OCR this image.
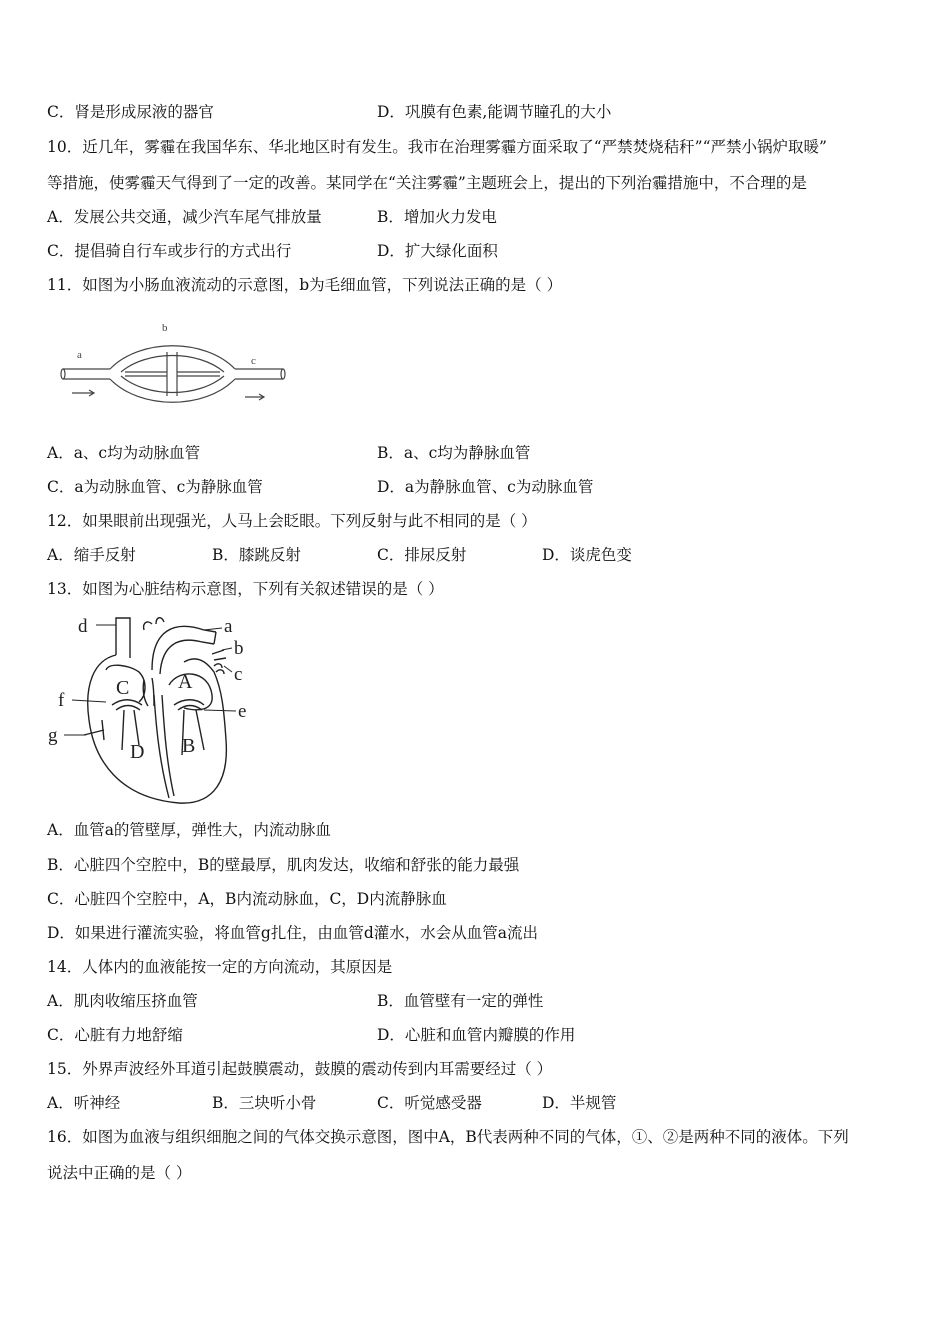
C．肾是形成尿液的器官	D．巩膜有色素,能调节瞳孔的大小
10．近几年，雾霾在我国华东、华北地区时有发生。我市在治理雾霾方面采取了“严禁焚烧秸秆”“严禁小锅炉取暖”
等措施，使雾霾天气得到了一定的改善。某同学在“关注雾霾”主题班会上，提出的下列治霾措施中，不合理的是
A．发展公共交通，减少汽车尾气排放量	B．增加火力发电
C．提倡骑自行车或步行的方式出行	D．扩大绿化面积
11．如图为小肠血液流动的示意图，b为毛细血管，下列说法正确的是（ ）
a
b
c
A．a、c均为动脉血管	B．a、c均为静脉血管
C．a为动脉血管、c为静脉血管	D．a为静脉血管、c为动脉血管
12．如果眼前出现强光，人马上会眨眼。下列反射与此不相同的是（ ）
A．缩手反射	B．膝跳反射	C．排尿反射	D．谈虎色变
13．如图为心脏结构示意图，下列有关叙述错误的是（ ）
d	a
b
c
e
f
g
C A
D B
A．血管a的管壁厚，弹性大，内流动脉血
B．心脏四个空腔中，B的壁最厚，肌肉发达，收缩和舒张的能力最强
C．心脏四个空腔中，A，B内流动脉血，C，D内流静脉血
D．如果进行灌流实验，将血管g扎住，由血管d灌水，水会从血管a流出
14．人体内的血液能按一定的方向流动，其原因是
A．肌肉收缩压挤血管	B．血管壁有一定的弹性
C．心脏有力地舒缩	D．心脏和血管内瓣膜的作用
15．外界声波经外耳道引起鼓膜震动，鼓膜的震动传到内耳需要经过（ ）
A．听神经	B．三块听小骨	C．听觉感受器	D．半规管
16．如图为血液与组织细胞之间的气体交换示意图，图中A，B代表两种不同的气体，①、②是两种不同的液体。下列
说法中正确的是（ ）
